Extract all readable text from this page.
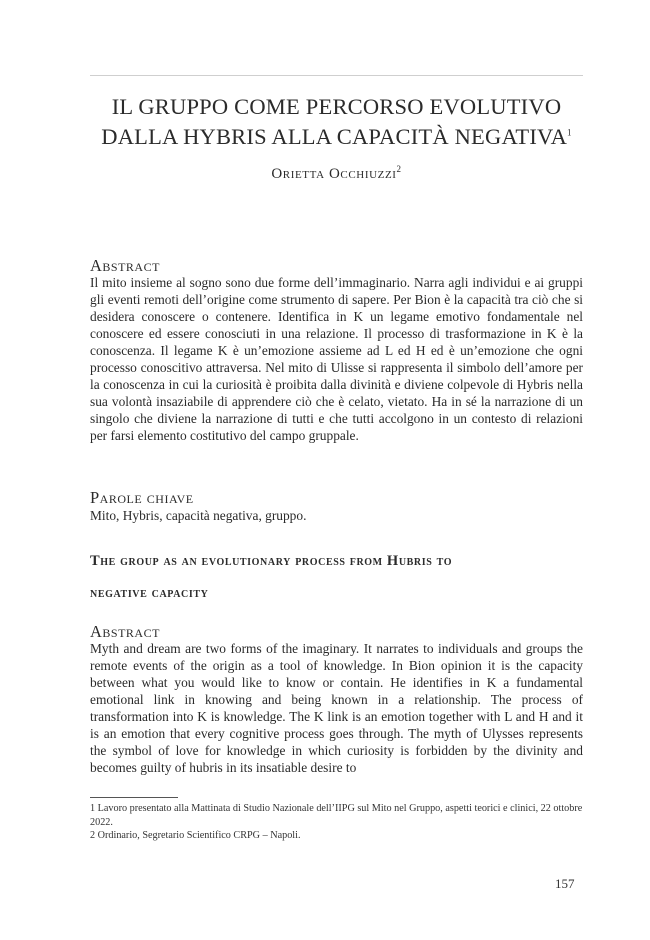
IL GRUPPO COME PERCORSO EVOLUTIVO
DALLA HYBRIS ALLA CAPACITÀ NEGATIVA$^1$
Orietta Occhiuzzi$^2$
Abstract
Il mito insieme al sogno sono due forme dell’immaginario. Narra agli individui e ai gruppi gli eventi remoti dell’origine come strumento di sapere. Per Bion è la capacità tra ciò che si desidera conoscere o contenere. Identifica in K un legame emotivo fondamentale nel conoscere ed essere conosciuti in una relazione. Il processo di trasformazione in K è la conoscenza. Il legame K è un’emozione assieme ad L ed H ed è un’emozione che ogni processo conoscitivo attraversa. Nel mito di Ulisse si rappresenta il simbolo dell’amore per la conoscenza in cui la curiosità è proibita dalla divinità e diviene colpevole di Hybris nella sua volontà insaziabile di apprendere ciò che è celato, vietato. Ha in sé la narrazione di un singolo che diviene la narrazione di tutti e che tutti accolgono in un contesto di relazioni per farsi elemento costitutivo del campo gruppale.
Parole chiave
Mito, Hybris, capacità negativa, gruppo.
The group as an evolutionary process from Hubris to
negative capacity
Abstract
Myth and dream are two forms of the imaginary. It narrates to individuals and groups the remote events of the origin as a tool of knowledge. In Bion opinion it is the capacity between what you would like to know or contain. He identifies in K a fundamental emotional link in knowing and being known in a relationship. The process of transformation into K is knowledge. The K link is an emotion together with L and H and it is an emotion that every cognitive process goes through. The myth of Ulysses represents the symbol of love for knowledge in which curiosity is forbidden by the divinity and becomes guilty of hubris in its insatiable desire to
1 Lavoro presentato alla Mattinata di Studio Nazionale dell’IIPG sul Mito nel Gruppo, aspetti teorici e clinici, 22 ottobre 2022.
2 Ordinario, Segretario Scientifico CRPG – Napoli.
157
